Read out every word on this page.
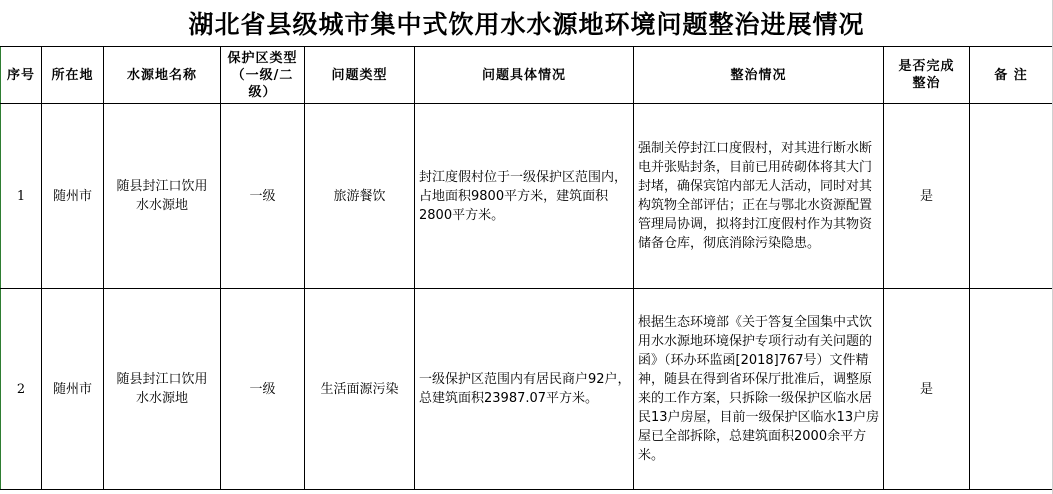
湖北省县级城市集中式饮用水水源地环境问题整治进展情况								
序号	所在地	水源地名称	保护区类型（一级/二级）	问题类型	问题具体情况	整治情况	是否完成整治	备 注
1	随州市	随县封江口饮用水水源地	一级	旅游餐饮	封江度假村位于一级保护区范围内，占地面积9800平方米，建筑面积2800平方米。	强制关停封江口度假村，对其进行断水断电并张贴封条，目前已用砖砌体将其大门封堵，确保宾馆内部无人活动，同时对其构筑物全部评估；正在与鄂北水资源配置管理局协调，拟将封江度假村作为其物资储备仓库，彻底消除污染隐患。	是	
2	随州市	随县封江口饮用水水源地	一级	生活面源污染	一级保护区范围内有居民商户92户，总建筑面积23987.07平方米。	根据生态环境部《关于答复全国集中式饮用水水源地环境保护专项行动有关问题的函》（环办环监函[2018]767号）文件精神，随县在得到省环保厅批准后，调整原来的工作方案，只拆除一级保护区临水居民13户房屋，目前一级保护区临水13户房屋已全部拆除，总建筑面积2000余平方米。	是	
